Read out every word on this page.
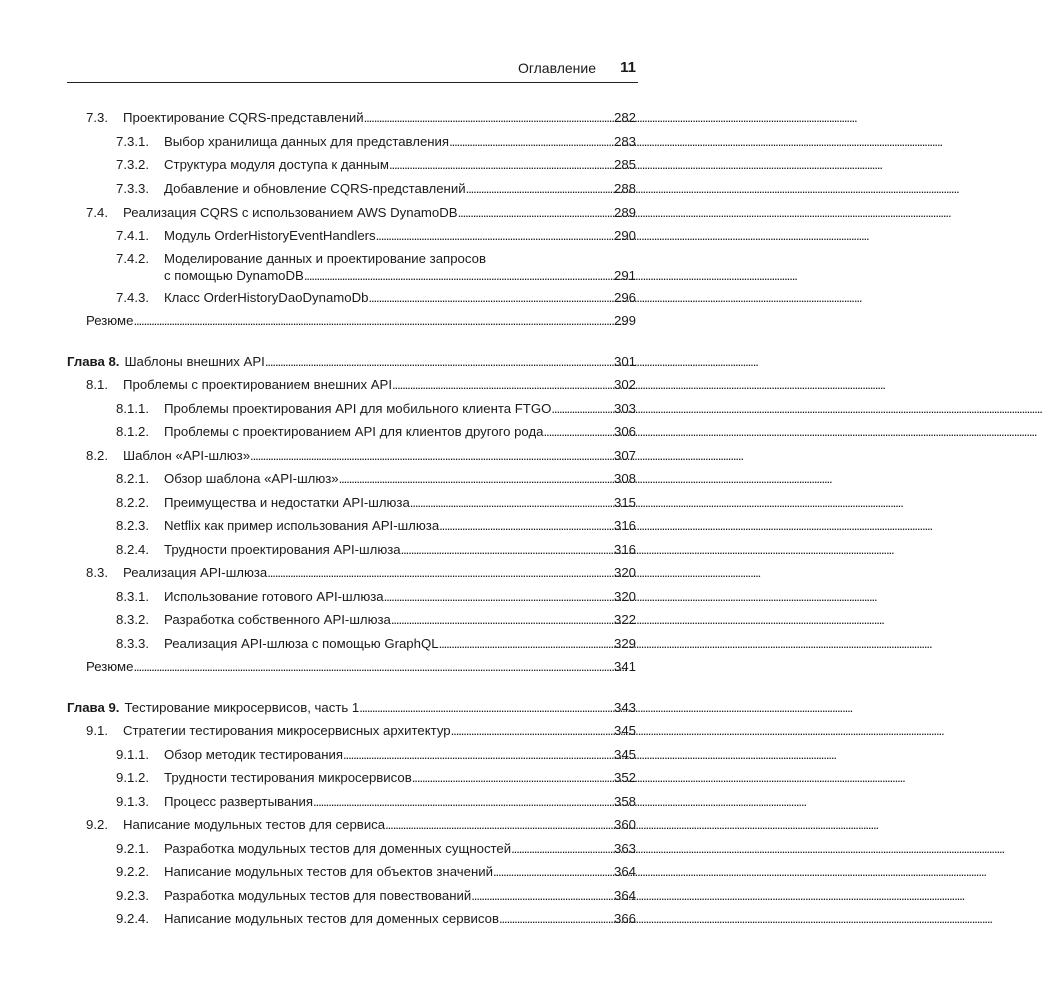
Оглавление 11
7.3.	Проектирование CQRS-представлений . . .	282
7.3.1.	Выбор хранилища данных для представления . . .	283
7.3.2.	Структура модуля доступа к данным . . .	285
7.3.3.	Добавление и обновление CQRS-представлений . . .	288
7.4.	Реализация CQRS с использованием AWS DynamoDB . . .	289
7.4.1.	Модуль OrderHistoryEventHandlers . . .	290
7.4.2.	Моделирование данных и проектирование запросов
с помощью DynamoDB . . .	291
7.4.3.	Класс OrderHistoryDaoDynamoDb . . .	296
Резюме . . .	299
Глава 8. Шаблоны внешних API . . .	301
8.1.	Проблемы с проектированием внешних API . . .	302
8.1.1.	Проблемы проектирования API для мобильного клиента FTGO . . .	303
8.1.2.	Проблемы с проектированием API для клиентов другого рода . . .	306
8.2.	Шаблон «API-шлюз» . . .	307
8.2.1.	Обзор шаблона «API-шлюз» . . .	308
8.2.2.	Преимущества и недостатки API-шлюза . . .	315
8.2.3.	Netflix как пример использования API-шлюза . . .	316
8.2.4.	Трудности проектирования API-шлюза . . .	316
8.3.	Реализация API-шлюза . . .	320
8.3.1.	Использование готового API-шлюза . . .	320
8.3.2.	Разработка собственного API-шлюза . . .	322
8.3.3.	Реализация API-шлюза с помощью GraphQL . . .	329
Резюме . . .	341
Глава 9. Тестирование микросервисов, часть 1 . . .	343
9.1.	Стратегии тестирования микросервисных архитектур . . .	345
9.1.1.	Обзор методик тестирования . . .	345
9.1.2.	Трудности тестирования микросервисов . . .	352
9.1.3.	Процесс развертывания . . .	358
9.2.	Написание модульных тестов для сервиса . . .	360
9.2.1.	Разработка модульных тестов для доменных сущностей . . .	363
9.2.2.	Написание модульных тестов для объектов значений . . .	364
9.2.3.	Разработка модульных тестов для повествований . . .	364
9.2.4.	Написание модульных тестов для доменных сервисов . . .	366
